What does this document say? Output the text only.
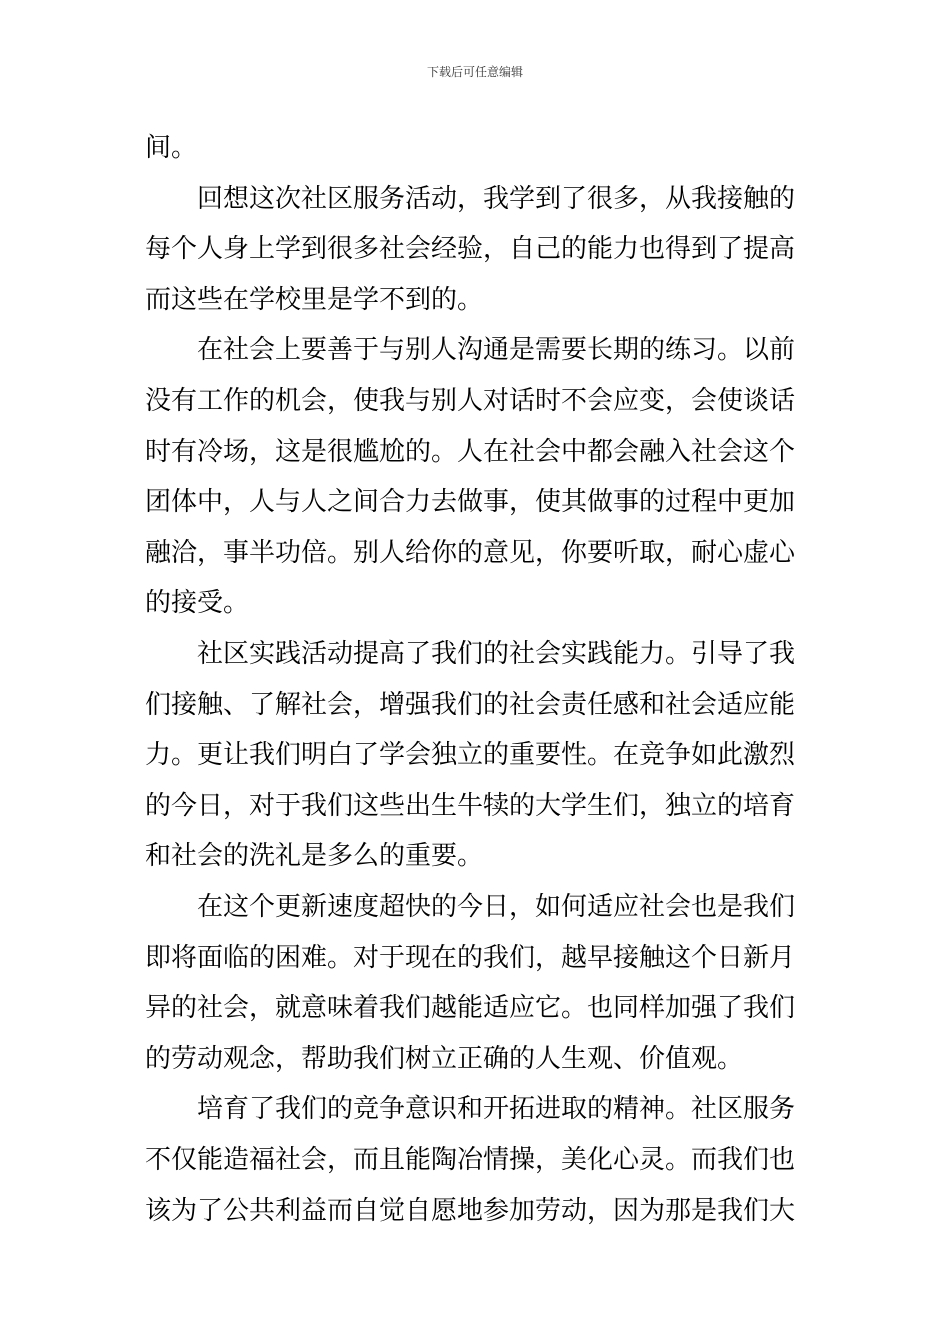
下载后可任意编辑
间。
回想这次社区服务活动，我学到了很多，从我接触的
每个人身上学到很多社会经验，自己的能力也得到了提高
而这些在学校里是学不到的。
在社会上要善于与别人沟通是需要长期的练习。以前
没有工作的机会，使我与别人对话时不会应变，会使谈话
时有冷场，这是很尴尬的。人在社会中都会融入社会这个
团体中，人与人之间合力去做事，使其做事的过程中更加
融洽，事半功倍。别人给你的意见，你要听取，耐心虚心
的接受。
社区实践活动提高了我们的社会实践能力。引导了我
们接触、了解社会，增强我们的社会责任感和社会适应能
力。更让我们明白了学会独立的重要性。在竞争如此激烈
的今日，对于我们这些出生牛犊的大学生们，独立的培育
和社会的洗礼是多么的重要。
在这个更新速度超快的今日，如何适应社会也是我们
即将面临的困难。对于现在的我们，越早接触这个日新月
异的社会，就意味着我们越能适应它。也同样加强了我们
的劳动观念，帮助我们树立正确的人生观、价值观。
培育了我们的竞争意识和开拓进取的精神。社区服务
不仅能造福社会，而且能陶冶情操，美化心灵。而我们也
该为了公共利益而自觉自愿地参加劳动，因为那是我们大
